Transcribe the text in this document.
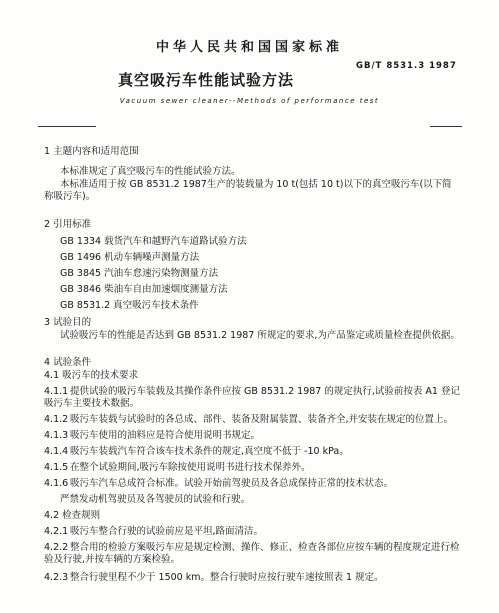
中华人民共和国国家标准
GB/T 8531.3 1987
真空吸污车性能试验方法
Vacuum sewer cleaner--Methods of performance test
1 主题内容和适用范围
本标准规定了真空吸污车的性能试验方法。
本标准适用于按 GB 8531.2 1987生产的装载量为 10 t(包括 10 t)以下的真空吸污车(以下简称吸污车)。
2 引用标准
GB 1334 载货汽车和越野汽车道路试验方法
GB 1496 机动车辆噪声测量方法
GB 3845 汽油车怠速污染物测量方法
GB 3846 柴油车自由加速烟度测量方法
GB 8531.2 真空吸污车技术条件
3 试验目的
试验吸污车的性能是否达到 GB 8531.2 1987 所规定的要求,为产品鉴定或质量检查提供依据。
4 试验条件
4.1 吸污车的技术要求
4.1.1 提供试验的吸污车装载及其操作条件应按 GB 8531.2 1987 的规定执行,试验前按表 A1 登记吸污车主要技术数据。
4.1.2 吸污车装载与试验时的各总成、部件、装备及附属装置、装备齐全,并安装在规定的位置上。
4.1.3 吸污车使用的油料应是符合使用说明书规定。
4.1.4 吸污车装载汽车符合该车技术条件的规定,真空度不低于 -10 kPa。
4.1.5 在整个试验期间,吸污车除按使用说明书进行技术保养外。
4.1.6 吸污车汽车总成符合标准。试验开始前驾驶员及各总成保持正常的技术状态。
严禁发动机驾驶员及各驾驶员的试验和行驶。
4.2 检查规则
4.2.1 吸污车整合行驶的试验前应是平坦,路面清洁。
4.2.2 整合用的检验方案吸污车应是规定检测、操作、修正、检查各部位应按车辆的程度规定进行检验及行驶,并按车辆的方案检验。
4.2.3 整合行驶里程不少于 1500 km。整合行驶时应按行驶车速按照表 1 规定。
